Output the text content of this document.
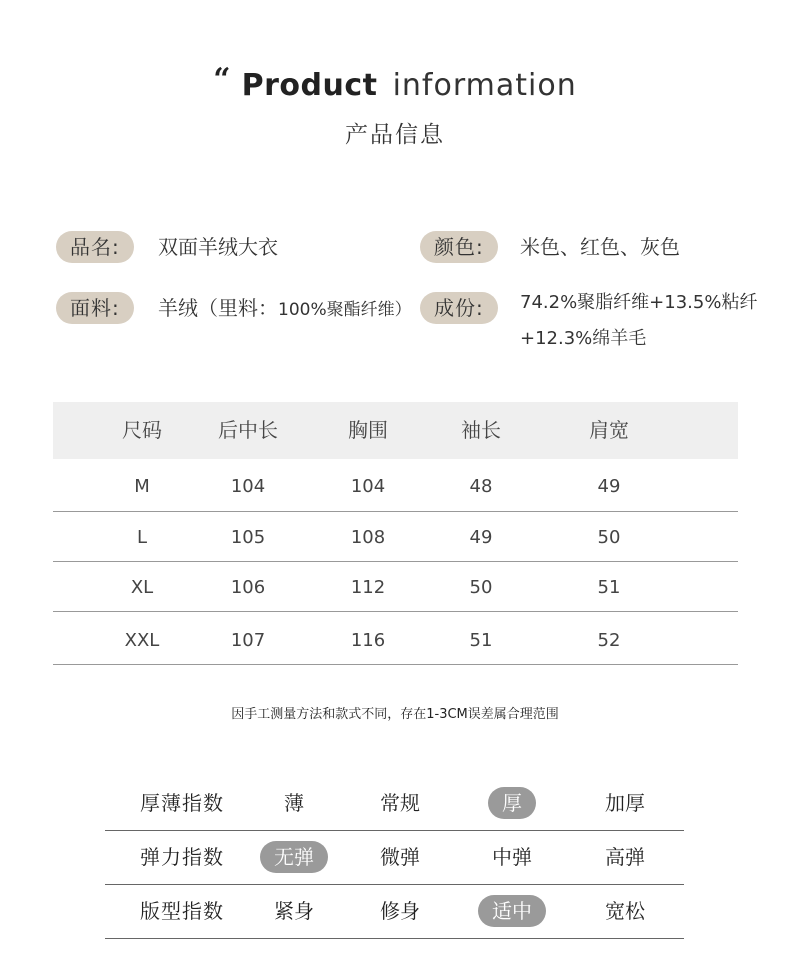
“ Product information
产品信息
品名:	双面羊绒大衣	颜色:	米色、红色、灰色
面料:	羊绒（里料：100%聚酯纤维）	成份:	74.2%聚脂纤维+13.5%粘纤
+12.3%绵羊毛
尺码	后中长	胸围	袖长	肩宽
M	104	104	48	49
L	105	108	49	50
XL	106	112	50	51
XXL	107	116	51	52
因手工测量方法和款式不同，存在1-3CM误差属合理范围
厚薄指数	薄	常规	厚	加厚
弹力指数	无弹	微弹	中弹	高弹
版型指数	紧身	修身	适中	宽松
